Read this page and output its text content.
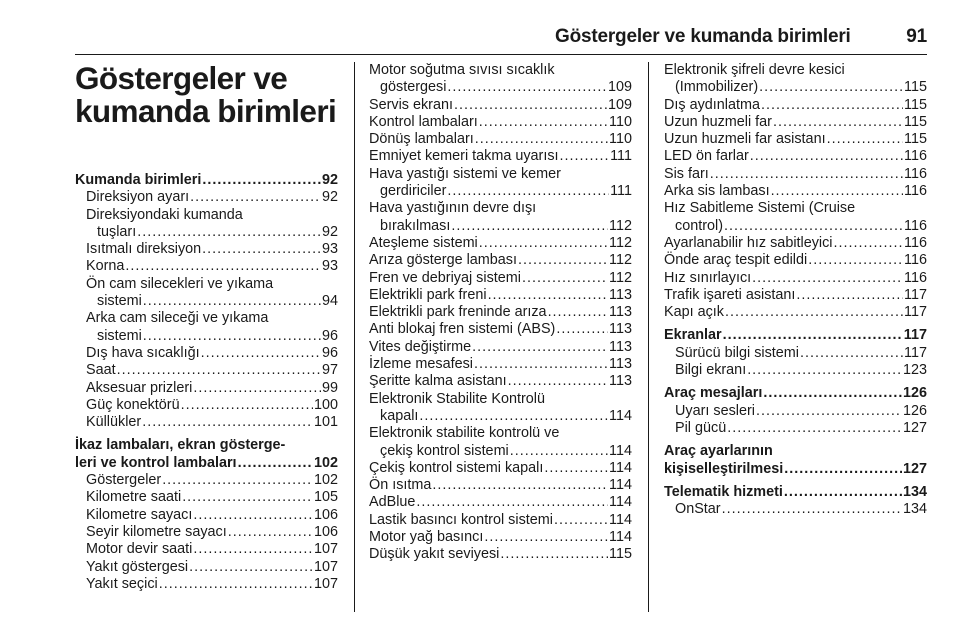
Göstergeler ve kumanda birimleri	91
Göstergeler ve
kumanda birimleri
Kumanda birimleri .....	92
Direksiyon ayarı .....	92
Direksiyondaki kumanda
tuşları .....	92
Isıtmalı direksiyon .....	93
Korna .....	93
Ön cam silecekleri ve yıkama
sistemi .....	94
Arka cam sileceği ve yıkama
sistemi .....	96
Dış hava sıcaklığı .....	96
Saat .....	97
Aksesuar prizleri .....	99
Güç konektörü .....	100
Küllükler .....	101
İkaz lambaları, ekran gösterge-
leri ve kontrol lambaları .....	102
Göstergeler .....	102
Kilometre saati .....	105
Kilometre sayacı .....	106
Seyir kilometre sayacı .....	106
Motor devir saati .....	107
Yakıt göstergesi .....	107
Yakıt seçici .....	107
Motor soğutma sıvısı sıcaklık
göstergesi .....	109
Servis ekranı .....	109
Kontrol lambaları .....	110
Dönüş lambaları .....	110
Emniyet kemeri takma uyarısı .....	111
Hava yastığı sistemi ve kemer
gerdiriciler .....	111
Hava yastığının devre dışı
bırakılması .....	112
Ateşleme sistemi .....	112
Arıza gösterge lambası .....	112
Fren ve debriyaj sistemi .....	112
Elektrikli park freni .....	113
Elektrikli park freninde arıza .....	113
Anti blokaj fren sistemi (ABS) .....	113
Vites değiştirme .....	113
İzleme mesafesi .....	113
Şeritte kalma asistanı .....	113
Elektronik Stabilite Kontrolü
kapalı .....	114
Elektronik stabilite kontrolü ve
çekiş kontrol sistemi .....	114
Çekiş kontrol sistemi kapalı .....	114
Ön ısıtma .....	114
AdBlue .....	114
Lastik basıncı kontrol sistemi .....	114
Motor yağ basıncı .....	114
Düşük yakıt seviyesi .....	115
Elektronik şifreli devre kesici
(Immobilizer) .....	115
Dış aydınlatma .....	115
Uzun huzmeli far .....	115
Uzun huzmeli far asistanı .....	115
LED ön farlar .....	116
Sis farı .....	116
Arka sis lambası .....	116
Hız Sabitleme Sistemi (Cruise
control) .....	116
Ayarlanabilir hız sabitleyici .....	116
Önde araç tespit edildi .....	116
Hız sınırlayıcı .....	116
Trafik işareti asistanı .....	117
Kapı açık .....	117
Ekranlar .....	117
Sürücü bilgi sistemi .....	117
Bilgi ekranı .....	123
Araç mesajları .....	126
Uyarı sesleri .....	126
Pil gücü .....	127
Araç ayarlarının
kişiselleştirilmesi .....	127
Telematik hizmeti .....	134
OnStar .....	134
